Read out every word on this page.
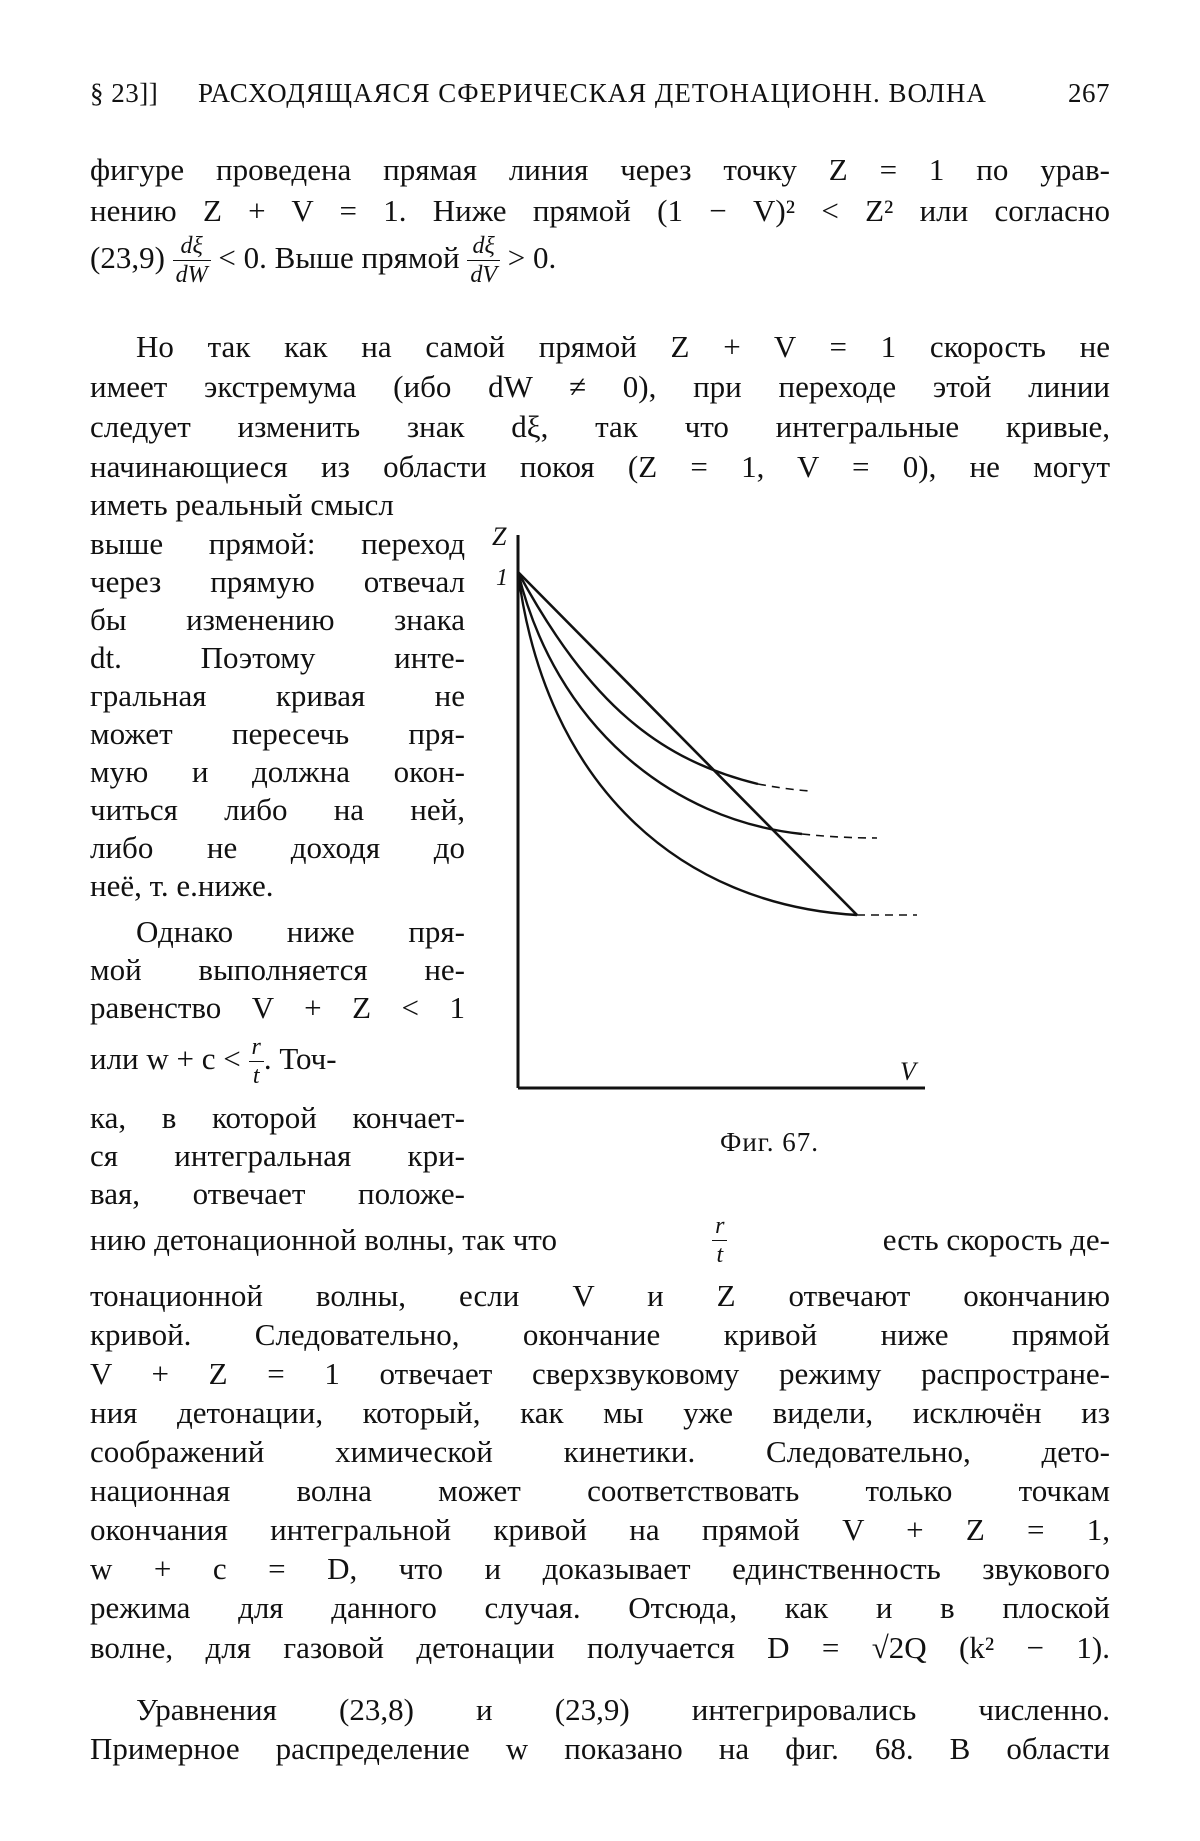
§ 23]] РАСХОДЯЩАЯСЯ СФЕРИЧЕСКАЯ ДЕТОНАЦИОНН. ВОЛНА	267
фигуре проведена прямая линия через точку Z = 1 по урав-
нению Z + V = 1. Ниже прямой (1 − V)² < Z² или согласно
$(23,9) \frac{d\xi}{dW} < 0$. Выше прямой $\frac{d\xi}{dV} > 0$.
Но так как на самой прямой Z + V = 1 скорость не
имеет экстремума (ибо dW ≠ 0), при переходе этой линии
следует изменить знак dξ, так что интегральные кривые,
начинающиеся из области покоя (Z = 1, V = 0), не могут
иметь реальный смысл
выше прямой: переход
через прямую отвечал
бы изменению знака
dt. Поэтому инте-
гральная кривая не
может пересечь пря-
мую и должна окон-
читься либо на ней,
либо не доходя до
неё, т. е.ниже.
Однако ниже пря-
мой выполняется не-
равенство V + Z < 1
или $w + c < \frac{r}{t}$ . Точ-
ка, в которой кончает-
ся интегральная кри-
вая, отвечает положе-
нию детонационной волны, так что	$\frac{r}{t}$	есть скорость де-
тонационной волны, если V и Z отвечают окончанию
кривой. Следовательно, окончание кривой ниже прямой
V + Z = 1 отвечает сверхзвуковому режиму распростране-
ния детонации, который, как мы уже видели, исключён из
соображений химической кинетики. Следовательно, дето-
национная волна может соответствовать только точкам
окончания интегральной кривой на прямой V + Z = 1,
w + c = D, что и доказывает единственность звукового
режима для данного случая. Отсюда, как и в плоской
волне, для газовой детонации получается D = √2Q (k² − 1).
Уравнения (23,8) и (23,9) интегрировались численно.
Примерное распределение w показано на фиг. 68. В области
Z
1
V
Фиг. 67.
